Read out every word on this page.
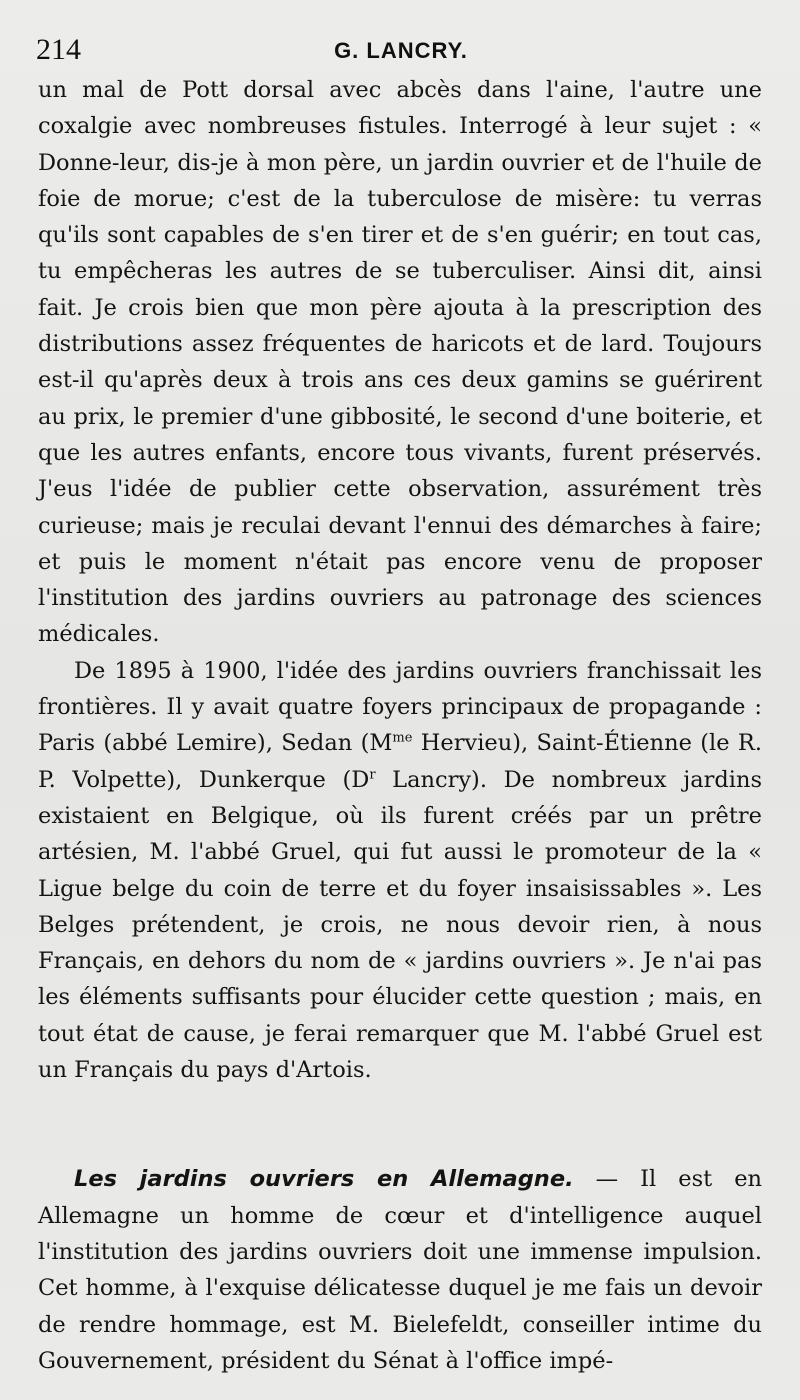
214	G. LANCRY.

un mal de Pott dorsal avec abcès dans l'aine, l'autre une coxalgie avec nombreuses fistules. Interrogé à leur sujet : « Donne-leur, dis-je à mon père, un jardin ouvrier et de l'huile de foie de morue; c'est de la tuberculose de misère: tu verras qu'ils sont capables de s'en tirer et de s'en guérir; en tout cas, tu empêcheras les autres de se tuberculiser. Ainsi dit, ainsi fait. Je crois bien que mon père ajouta à la prescription des distributions assez fréquentes de haricots et de lard. Toujours est-il qu'après deux à trois ans ces deux gamins se guérirent au prix, le premier d'une gibbosité, le second d'une boiterie, et que les autres enfants, encore tous vivants, furent préservés. J'eus l'idée de publier cette observation, assurément très curieuse; mais je reculai devant l'ennui des démarches à faire; et puis le moment n'était pas encore venu de proposer l'institution des jardins ouvriers au patronage des sciences médicales.

De 1895 à 1900, l'idée des jardins ouvriers franchissait les frontières. Il y avait quatre foyers principaux de propagande : Paris (abbé Lemire), Sedan ($M^{me}$ Hervieu), Saint-Étienne (le R. P. Volpette), Dunkerque ($D^r$ Lancry). De nombreux jardins existaient en Belgique, où ils furent créés par un prêtre artésien, M. l'abbé Gruel, qui fut aussi le promoteur de la « Ligue belge du coin de terre et du foyer insaisissables ». Les Belges prétendent, je crois, ne nous devoir rien, à nous Français, en dehors du nom de « jardins ouvriers ». Je n'ai pas les éléments suffisants pour élucider cette question ; mais, en tout état de cause, je ferai remarquer que M. l'abbé Gruel est un Français du pays d'Artois.

Les jardins ouvriers en Allemagne. — Il est en Allemagne un homme de cœur et d'intelligence auquel l'institution des jardins ouvriers doit une immense impulsion. Cet homme, à l'exquise délicatesse duquel je me fais un devoir de rendre hommage, est M. Bielefeldt, conseiller intime du Gouvernement, président du Sénat à l'office impé-
